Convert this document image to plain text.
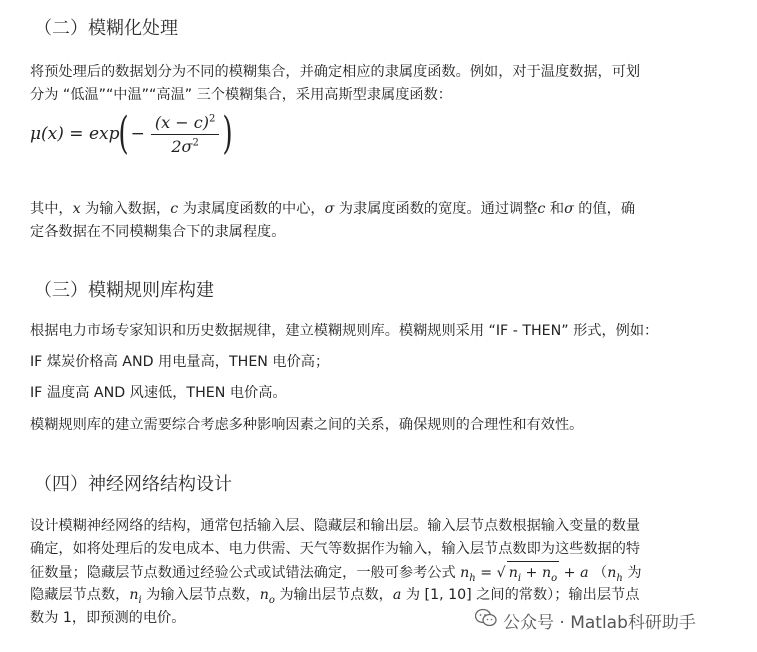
（二）模糊化处理
将预处理后的数据划分为不同的模糊集合，并确定相应的隶属度函数。例如，对于温度数据，可划
分为 “低温”“中温”“高温” 三个模糊集合，采用高斯型隶属度函数：
μ(x) = exp ( − $\frac{(x - c)^2}{2\sigma^2}$ )
其中，x 为输入数据，c 为隶属度函数的中心，σ 为隶属度函数的宽度。通过调整c 和σ 的值，确
定各数据在不同模糊集合下的隶属程度。
（三）模糊规则库构建
根据电力市场专家知识和历史数据规律，建立模糊规则库。模糊规则采用 “IF - THEN” 形式，例如：
IF 煤炭价格高 AND 用电量高，THEN 电价高；
IF 温度高 AND 风速低，THEN 电价高。
模糊规则库的建立需要综合考虑多种影响因素之间的关系，确保规则的合理性和有效性。
（四）神经网络结构设计
设计模糊神经网络的结构，通常包括输入层、隐藏层和输出层。输入层节点数根据输入变量的数量
确定，如将处理后的发电成本、电力供需、天气等数据作为输入，输入层节点数即为这些数据的特
征数量；隐藏层节点数通过经验公式或试错法确定，一般可参考公式 $n_h$ = √ $n_i + n_o + a$ （$n_h$ 为
隐藏层节点数，$n_i$ 为输入层节点数，$n_o$ 为输出层节点数，a 为 [1, 10] 之间的常数）；输出层节点
数为 1，即预测的电价。	公众号 · Matlab科研助手
